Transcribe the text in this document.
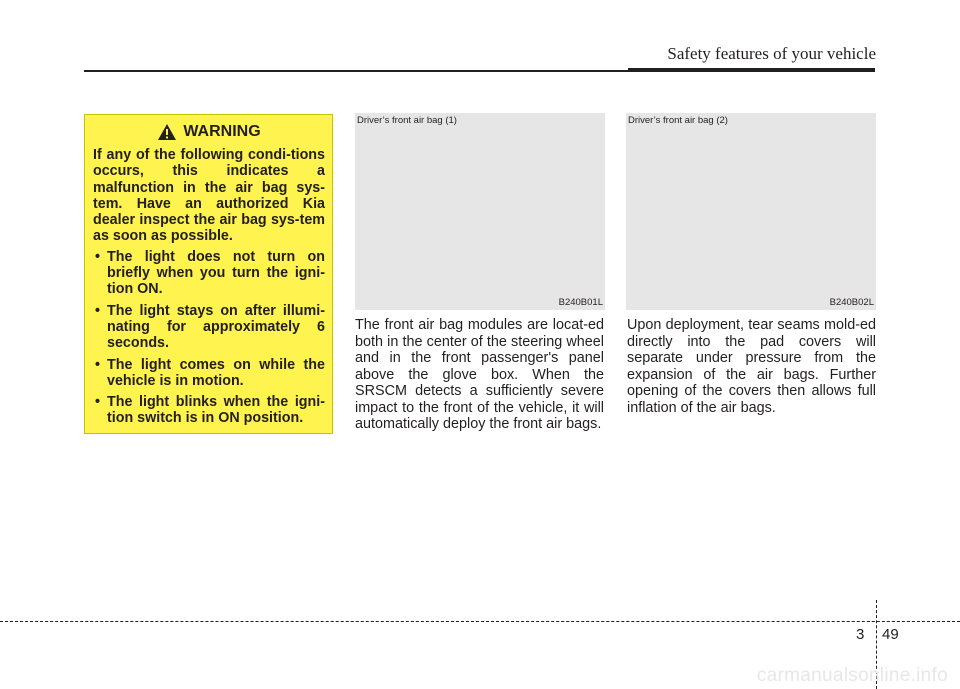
Safety features of your vehicle
WARNING

If any of the following condi-tions occurs, this indicates a malfunction in the air bag sys-tem. Have an authorized Kia dealer inspect the air bag sys-tem as soon as possible.

• The light does not turn on briefly when you turn the igni-tion ON.
• The light stays on after illumi-nating for approximately 6 seconds.
• The light comes on while the vehicle is in motion.
• The light blinks when the igni-tion switch is in ON position.
Driver’s front air bag (1)
B240B01L
Driver’s front air bag (2)
B240B02L

The front air bag modules are locat-ed both in the center of the steering wheel and in the front passenger's panel above the glove box. When the SRSCM detects a sufficiently severe impact to the front of the vehicle, it will automatically deploy the front air bags.

Upon deployment, tear seams mold-ed directly into the pad covers will separate under pressure from the expansion of the air bags. Further opening of the covers then allows full inflation of the air bags.

3 49
carmanualsonline.info
